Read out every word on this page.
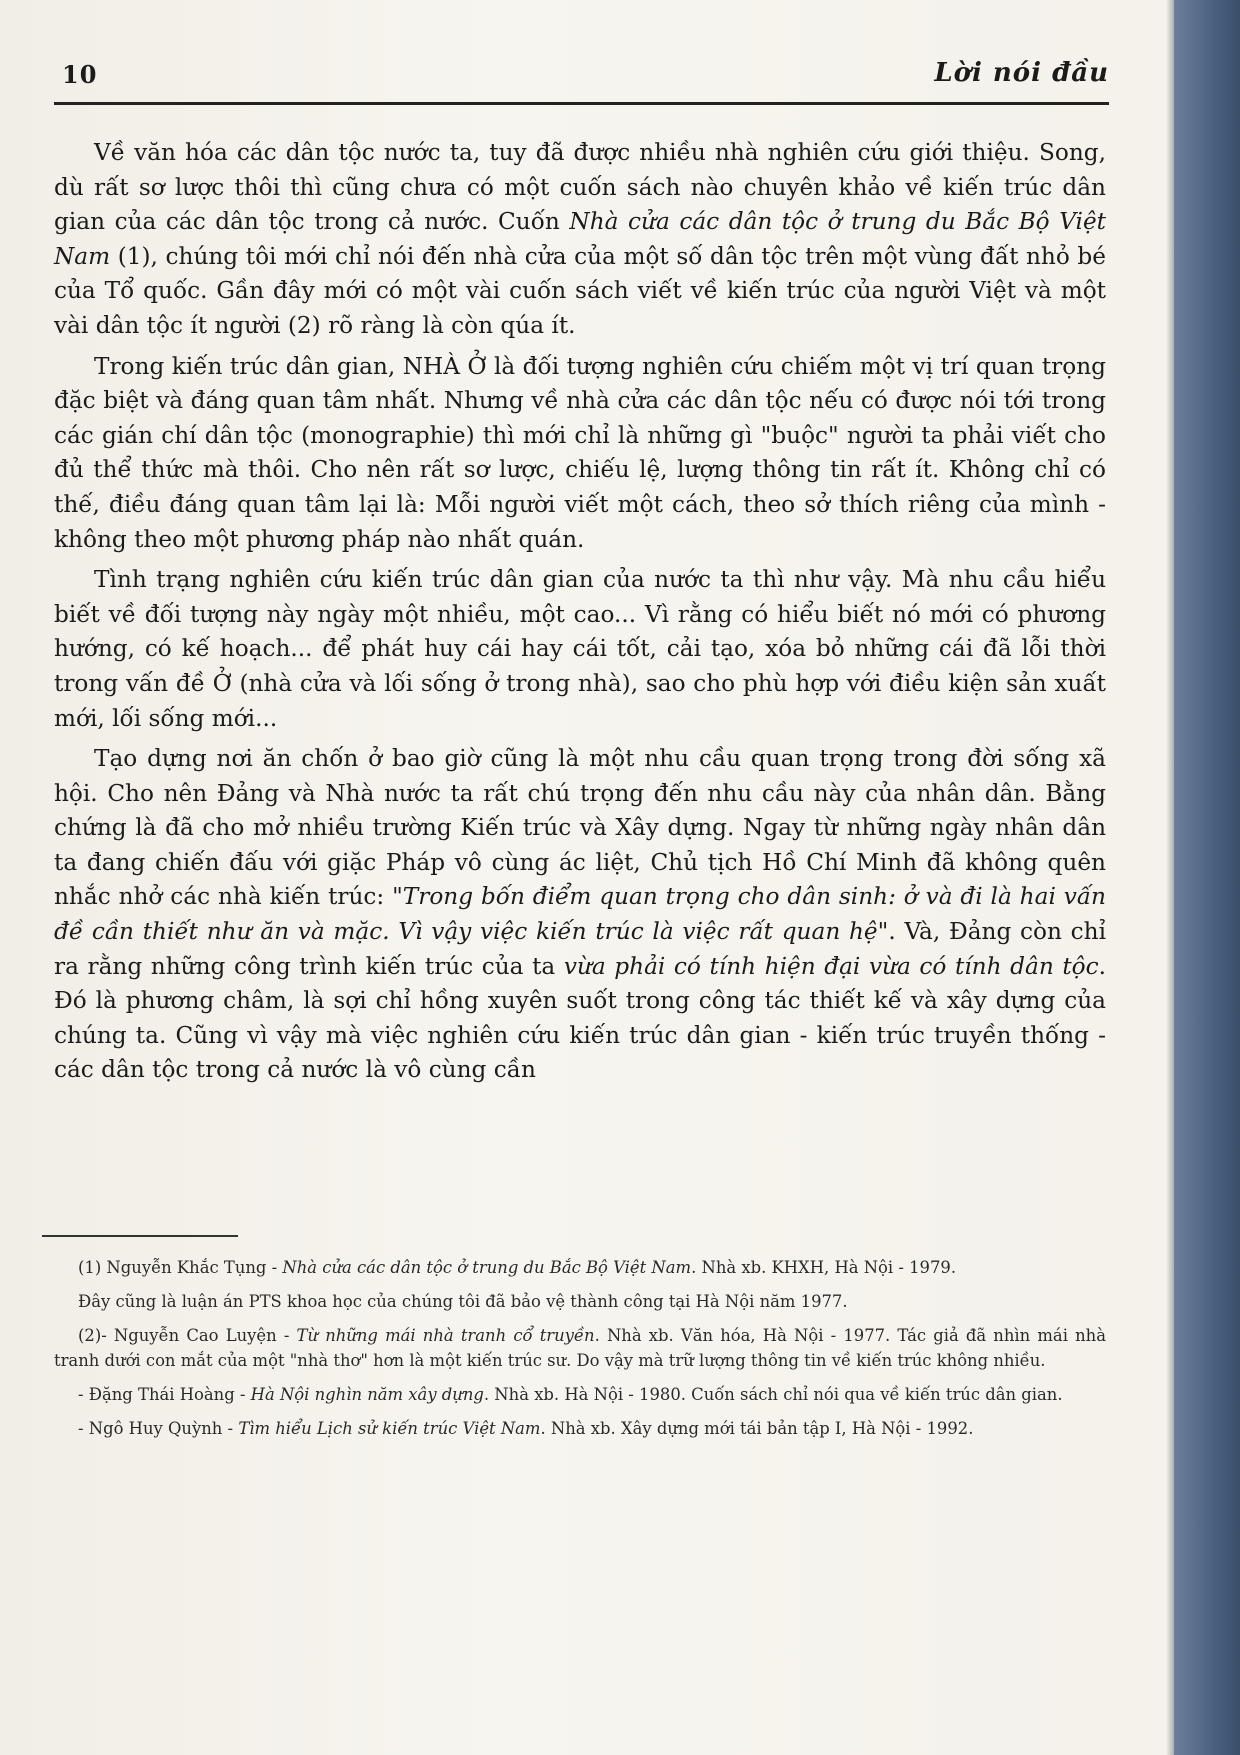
10	Lời nói đầu

Về văn hóa các dân tộc nước ta, tuy đã được nhiều nhà nghiên cứu giới thiệu. Song, dù rất sơ lược thôi thì cũng chưa có một cuốn sách nào chuyên khảo về kiến trúc dân gian của các dân tộc trong cả nước. Cuốn Nhà cửa các dân tộc ở trung du Bắc Bộ Việt Nam (1), chúng tôi mới chỉ nói đến nhà cửa của một số dân tộc trên một vùng đất nhỏ bé của Tổ quốc. Gần đây mới có một vài cuốn sách viết về kiến trúc của người Việt và một vài dân tộc ít người (2) rõ ràng là còn qúa ít.

Trong kiến trúc dân gian, NHÀ Ở là đối tượng nghiên cứu chiếm một vị trí quan trọng đặc biệt và đáng quan tâm nhất. Nhưng về nhà cửa các dân tộc nếu có được nói tới trong các gián chí dân tộc (monographie) thì mới chỉ là những gì "buộc" người ta phải viết cho đủ thể thức mà thôi. Cho nên rất sơ lược, chiếu lệ, lượng thông tin rất ít. Không chỉ có thế, điều đáng quan tâm lại là: Mỗi người viết một cách, theo sở thích riêng của mình - không theo một phương pháp nào nhất quán.

Tình trạng nghiên cứu kiến trúc dân gian của nước ta thì như vậy. Mà nhu cầu hiểu biết về đối tượng này ngày một nhiều, một cao... Vì rằng có hiểu biết nó mới có phương hướng, có kế hoạch... để phát huy cái hay cái tốt, cải tạo, xóa bỏ những cái đã lỗi thời trong vấn đề Ở (nhà cửa và lối sống ở trong nhà), sao cho phù hợp với điều kiện sản xuất mới, lối sống mới...

Tạo dựng nơi ăn chốn ở bao giờ cũng là một nhu cầu quan trọng trong đời sống xã hội. Cho nên Đảng và Nhà nước ta rất chú trọng đến nhu cầu này của nhân dân. Bằng chứng là đã cho mở nhiều trường Kiến trúc và Xây dựng. Ngay từ những ngày nhân dân ta đang chiến đấu với giặc Pháp vô cùng ác liệt, Chủ tịch Hồ Chí Minh đã không quên nhắc nhở các nhà kiến trúc: "Trong bốn điểm quan trọng cho dân sinh: ở và đi là hai vấn đề cần thiết như ăn và mặc. Vì vậy việc kiến trúc là việc rất quan hệ". Và, Đảng còn chỉ ra rằng những công trình kiến trúc của ta vừa phải có tính hiện đại vừa có tính dân tộc. Đó là phương châm, là sợi chỉ hồng xuyên suốt trong công tác thiết kế và xây dựng của chúng ta. Cũng vì vậy mà việc nghiên cứu kiến trúc dân gian - kiến trúc truyền thống - các dân tộc trong cả nước là vô cùng cần

(1) Nguyễn Khắc Tụng - Nhà cửa các dân tộc ở trung du Bắc Bộ Việt Nam. Nhà xb. KHXH, Hà Nội - 1979.

Đây cũng là luận án PTS khoa học của chúng tôi đã bảo vệ thành công tại Hà Nội năm 1977.

(2)- Nguyễn Cao Luyện - Từ những mái nhà tranh cổ truyền. Nhà xb. Văn hóa, Hà Nội - 1977. Tác giả đã nhìn mái nhà tranh dưới con mắt của một "nhà thơ" hơn là một kiến trúc sư. Do vậy mà trữ lượng thông tin về kiến trúc không nhiều.

- Đặng Thái Hoàng - Hà Nội nghìn năm xây dựng. Nhà xb. Hà Nội - 1980. Cuốn sách chỉ nói qua về kiến trúc dân gian.

- Ngô Huy Quỳnh - Tìm hiểu Lịch sử kiến trúc Việt Nam. Nhà xb. Xây dựng mới tái bản tập I, Hà Nội - 1992.
